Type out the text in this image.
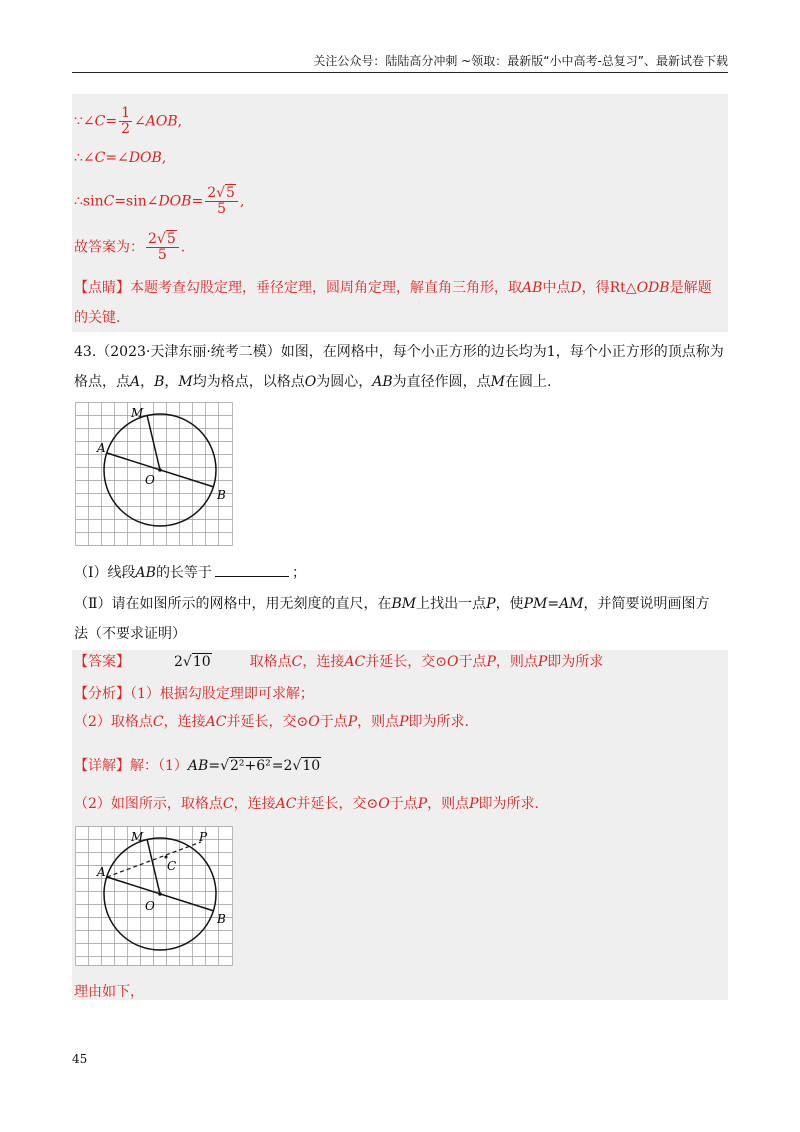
关注公众号：陆陆高分冲刺 ~领取：最新版“小中高考-总复习”、最新试卷下载
∵∠C= $\frac{1}{2}$ ∠AOB,
∴∠C=∠DOB,
∴sinC=sin∠DOB= $\frac{2√5}{5}$ ,
故答案为： $\frac{2√5}{5}$ .
【点睛】本题考查勾股定理，垂径定理，圆周角定理，解直角三角形，取AB中点D，得Rt△ODB是解题
的关键.
43.（2023·天津东丽·统考二模）如图，在网格中，每个小正方形的边长均为1，每个小正方形的顶点称为
格点，点A，B，M均为格点，以格点O为圆心，AB为直径作圆，点M在圆上.
M
A
O
B
（Ⅰ）线段AB的长等于	；
（Ⅱ）请在如图所示的网格中，用无刻度的直尺，在BM上找出一点P，使PM=AM，并简要说明画图方
法（不要求证明）
【答案】	2√10	取格点C，连接AC并延长，交⊙O于点P，则点P即为所求
【分析】（1）根据勾股定理即可求解；
（2）取格点C，连接AC并延长，交⊙O于点P，则点P即为所求.
【详解】解：（1）AB=√2²+6²=2√10
（2）如图所示，取格点C，连接AC并延长，交⊙O于点P，则点P即为所求.
M	P
C
A
O
B
理由如下，
45
